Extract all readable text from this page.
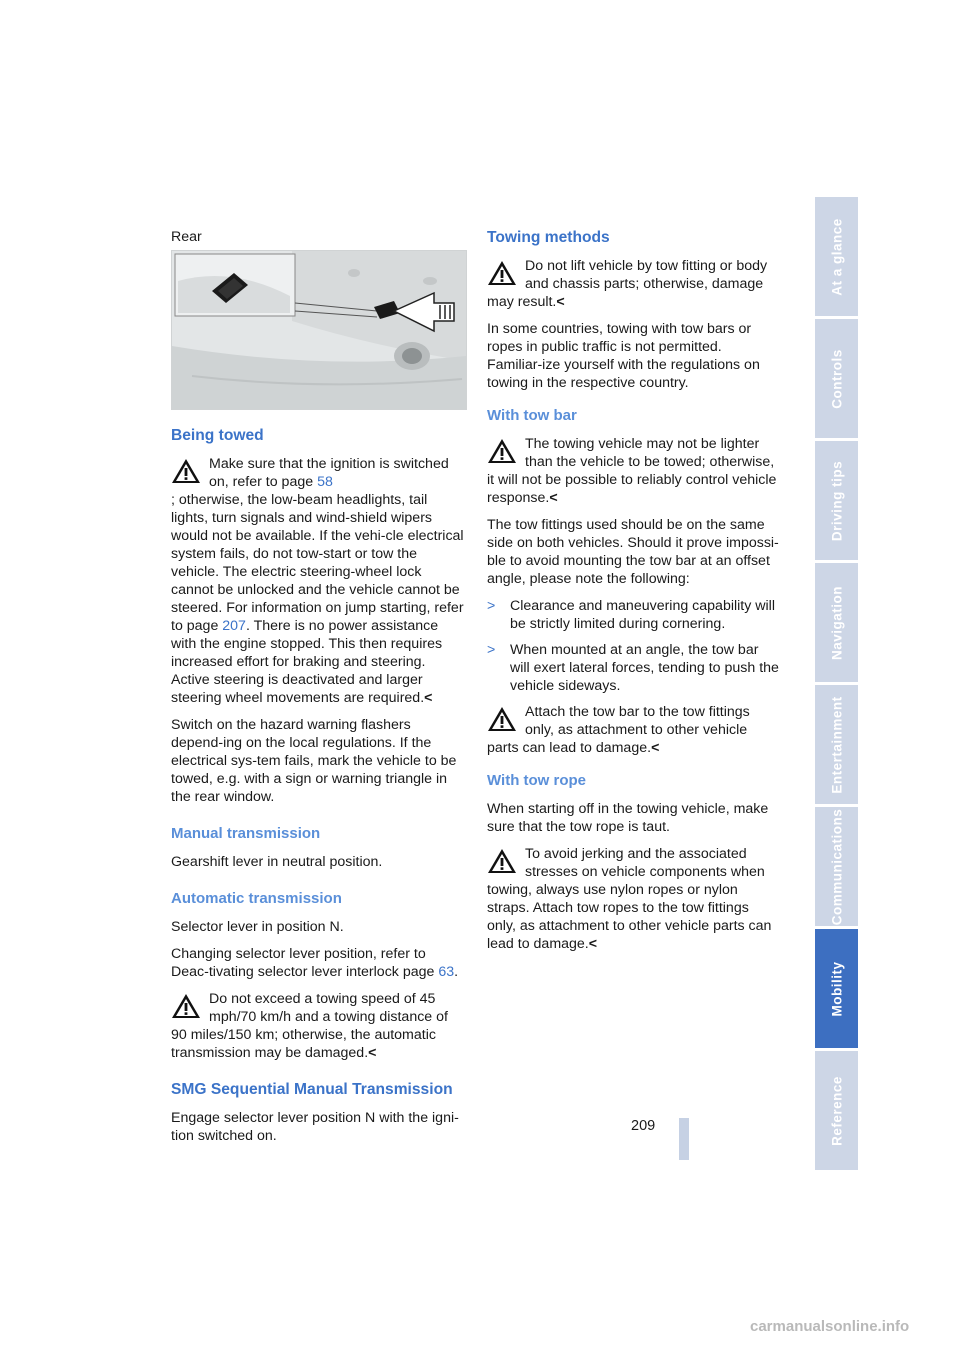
Rear

Being towed

Make sure that the ignition is switched on, refer to page 58
; otherwise, the low-beam headlights, tail lights, turn signals and wind-shield wipers would not be available. If the vehi-cle electrical system fails, do not tow-start or tow the vehicle. The electric steering-wheel lock cannot be unlocked and the vehicle cannot be steered. For information on jump starting, refer to page 207. There is no power assistance with the engine stopped. This then requires increased effort for braking and steering. Active steering is deactivated and larger steering wheel movements are required.<

Switch on the hazard warning flashers depend-ing on the local regulations. If the electrical sys-tem fails, mark the vehicle to be towed, e.g. with a sign or warning triangle in the rear window.

Manual transmission

Gearshift lever in neutral position.

Automatic transmission

Selector lever in position N.

Changing selector lever position, refer to Deac-tivating selector lever interlock page 63.

Do not exceed a towing speed of 45 mph/70 km/h and a towing distance of 90 miles/150 km; otherwise, the automatic transmission may be damaged.<

SMG Sequential Manual Transmission

Engage selector lever position N with the igni-tion switched on.

Towing methods

Do not lift vehicle by tow fitting or body and chassis parts; otherwise, damage may result.<

In some countries, towing with tow bars or ropes in public traffic is not permitted. Familiar-ize yourself with the regulations on towing in the respective country.

With tow bar

The towing vehicle may not be lighter than the vehicle to be towed; otherwise, it will not be possible to reliably control vehicle response.<

The tow fittings used should be on the same side on both vehicles. Should it prove impossi-ble to avoid mounting the tow bar at an offset angle, please note the following:

> Clearance and maneuvering capability will be strictly limited during cornering.
> When mounted at an angle, the tow bar will exert lateral forces, tending to push the vehicle sideways.
Attach the tow bar to the tow fittings only, as attachment to other vehicle parts can lead to damage.<

With tow rope

When starting off in the towing vehicle, make sure that the tow rope is taut.

To avoid jerking and the associated stresses on vehicle components when towing, always use nylon ropes or nylon straps. Attach tow ropes to the tow fittings only, as attachment to other vehicle parts can lead to damage.<
At a glance
Controls
Driving tips
Navigation
Entertainment
Communications
Mobility
Reference
209
carmanualsonline.info
